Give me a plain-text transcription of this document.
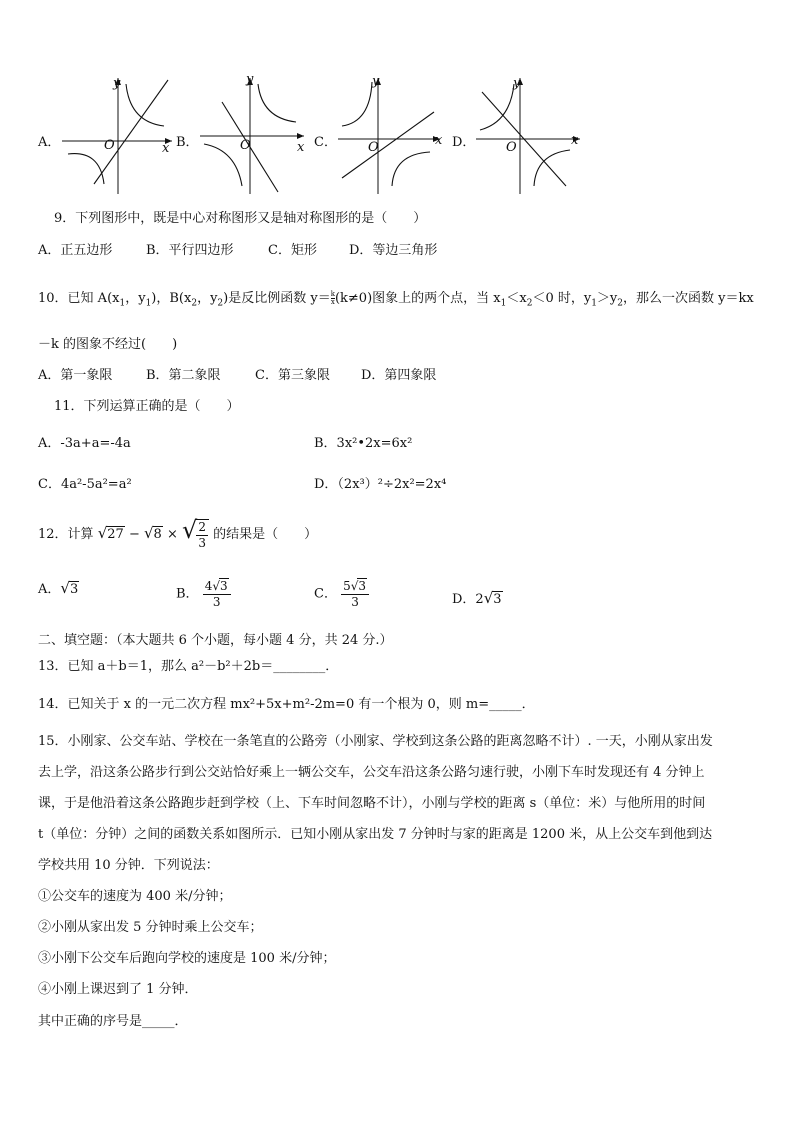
A．
y
O	x B．
y
O	x C．
y
O	x D．
y
O	x
9．下列图形中，既是中心对称图形又是轴对称图形的是（　　）
A．正五边形	B．平行四边形	C．矩形 D．等边三角形
10．已知 $A(x_1$，$y_1$)，$B(x_2$，$y_2$)是反比例函数 $y= \frac{k}{x} (k\ne 0)$图象上的两个点，当 $x_1<x_2<0$ 时，$y_1>y_2$，那么一次函数 y＝kx
－k 的图象不经过(　　)
A．第一象限	B．第二象限	C．第三象限 D．第四象限
11．下列运算正确的是（　　）
A．-3a+a=-4a	B．3x²•2x=6x²
C．4a²-5a²=a²	D．（2x³）²÷2x²=2x⁴
12．计算 √27 − √8 × √
$\frac{2}{3}$ 的结果是（　　）
A．√3	B． $\frac{4√3}{3}$	C． $\frac{5√3}{3}$	D．2√3
二、填空题：（本大题共 6 个小题，每小题 4 分，共 24 分.）
13．已知 a＋b＝1，那么 a²－b²＋2b＝________．
14．已知关于 x 的一元二次方程 mx²+5x+m²-2m=0 有一个根为 0，则 m=_____．
15．小刚家、公交车站、学校在一条笔直的公路旁（小刚家、学校到这条公路的距离忽略不计）. 一天，小刚从家出发
去上学，沿这条公路步行到公交站恰好乘上一辆公交车，公交车沿这条公路匀速行驶，小刚下车时发现还有 4 分钟上
课，于是他沿着这条公路跑步赶到学校（上、下车时间忽略不计），小刚与学校的距离 s（单位：米）与他所用的时间
t（单位：分钟）之间的函数关系如图所示．已知小刚从家出发 7 分钟时与家的距离是 1200 米，从上公交车到他到达
学校共用 10 分钟．下列说法：
①公交车的速度为 400 米/分钟；
②小刚从家出发 5 分钟时乘上公交车；
③小刚下公交车后跑向学校的速度是 100 米/分钟；
④小刚上课迟到了 1 分钟．
其中正确的序号是_____．
